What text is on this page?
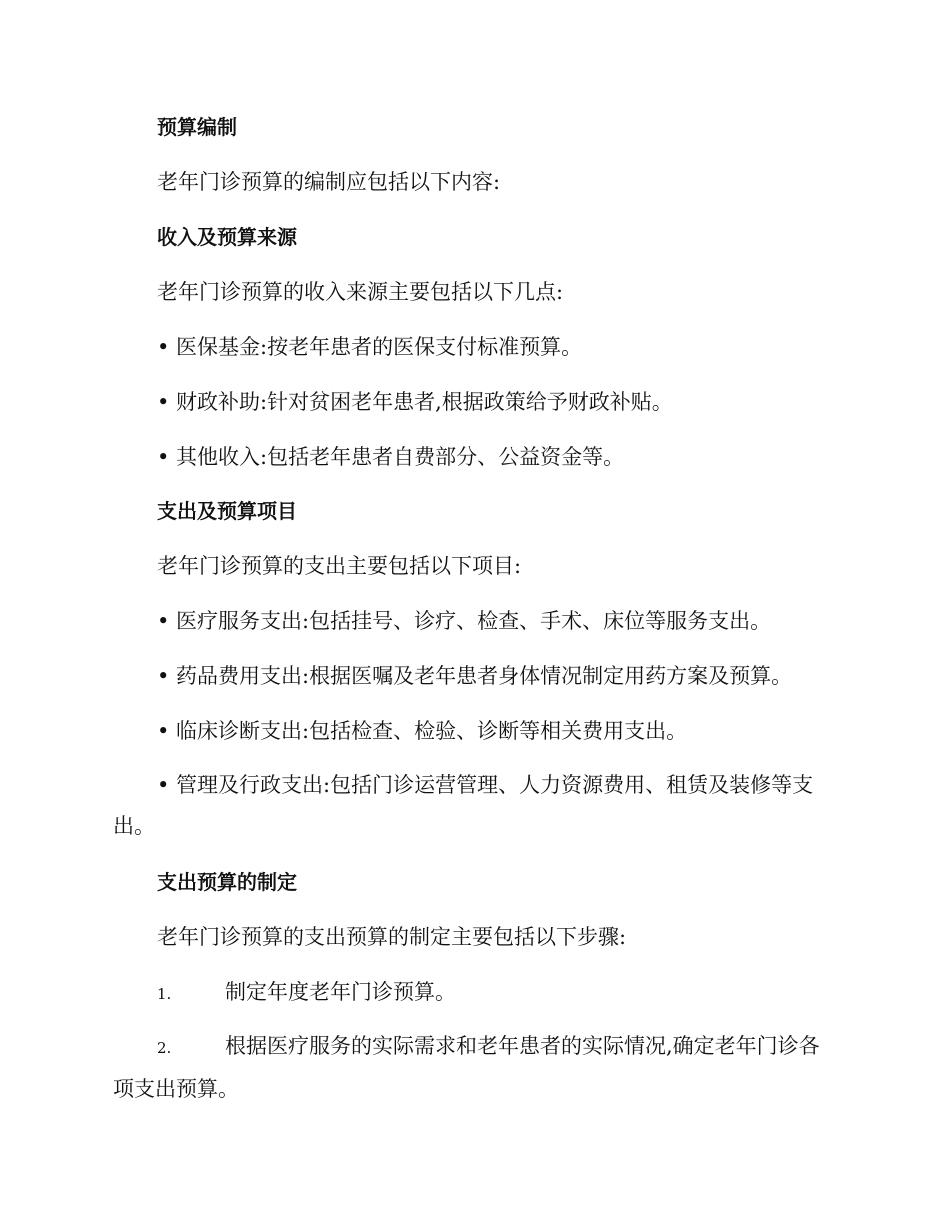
预算编制
老年门诊预算的编制应包括以下内容:
收入及预算来源
老年门诊预算的收入来源主要包括以下几点:
• 医保基金:按老年患者的医保支付标准预算。
• 财政补助:针对贫困老年患者,根据政策给予财政补贴。
• 其他收入:包括老年患者自费部分、公益资金等。
支出及预算项目
老年门诊预算的支出主要包括以下项目:
• 医疗服务支出:包括挂号、诊疗、检查、手术、床位等服务支出。
• 药品费用支出:根据医嘱及老年患者身体情况制定用药方案及预算。
• 临床诊断支出:包括检查、检验、诊断等相关费用支出。
• 管理及行政支出:包括门诊运营管理、人力资源费用、租赁及装修等支出。
支出预算的制定
老年门诊预算的支出预算的制定主要包括以下步骤:
1.	制定年度老年门诊预算。
2.	根据医疗服务的实际需求和老年患者的实际情况,确定老年门诊各项支出预算。
